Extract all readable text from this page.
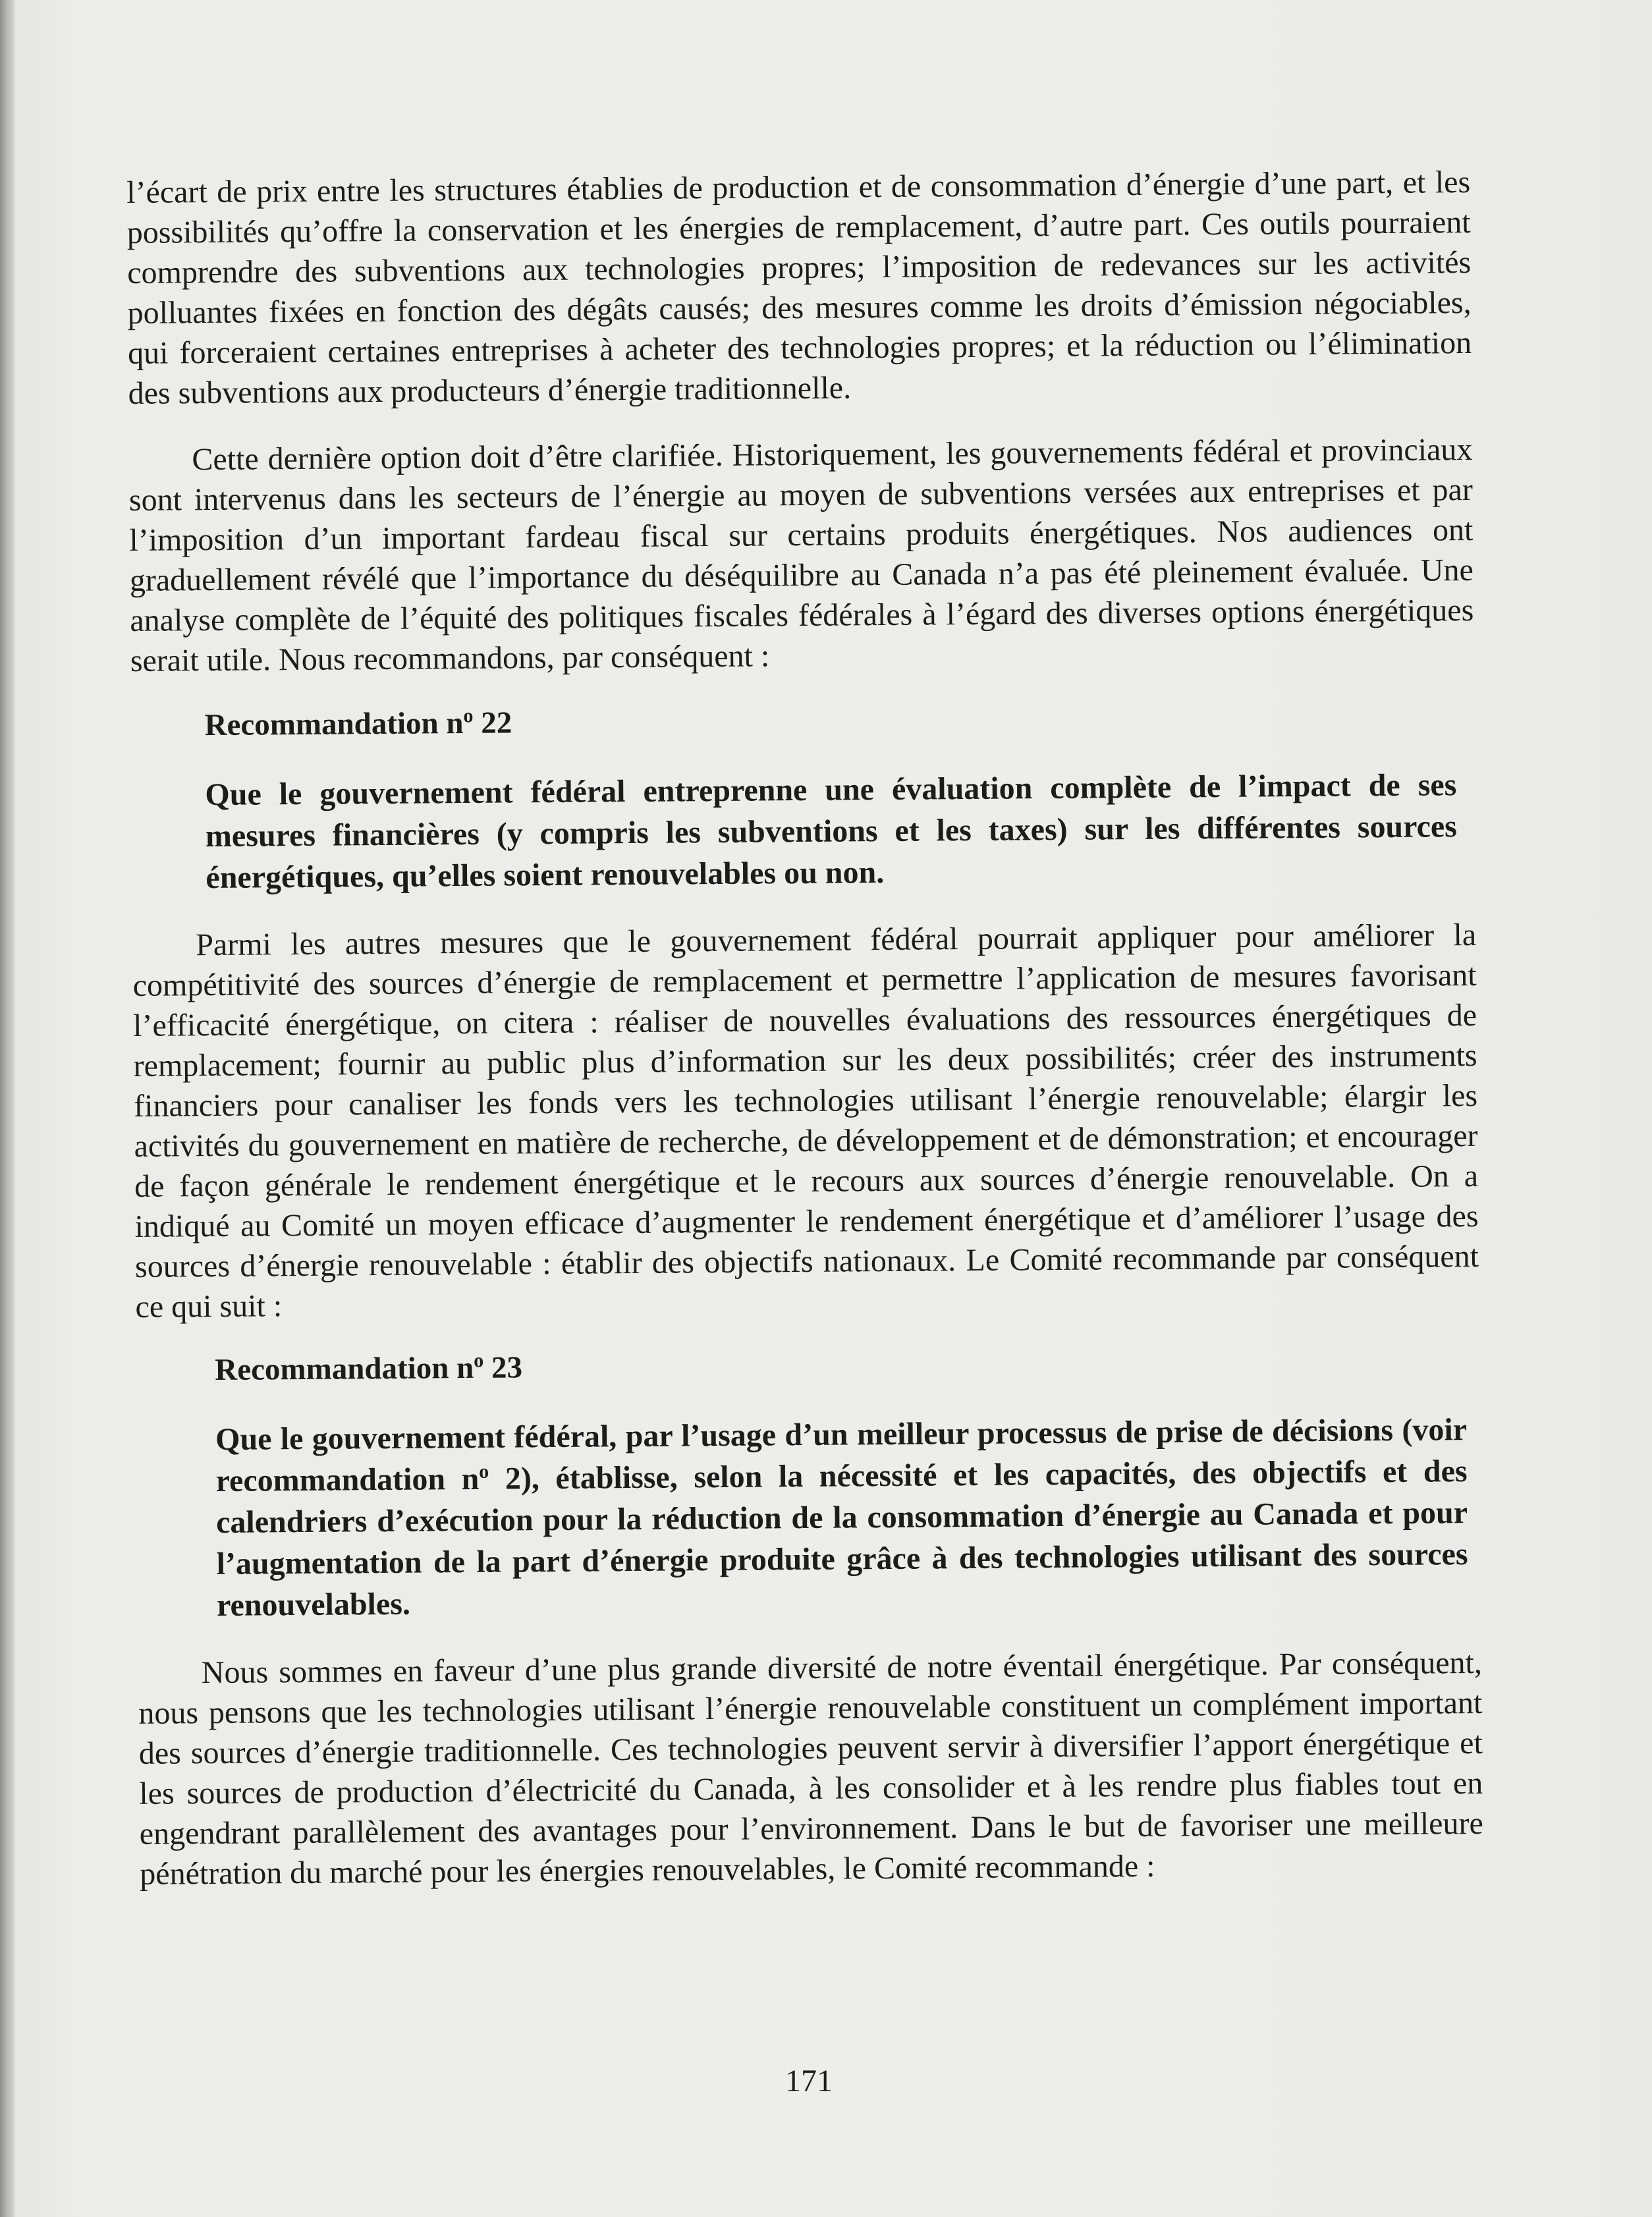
l’écart de prix entre les structures établies de production et de consommation d’énergie d’une part, et les possibilités qu’offre la conservation et les énergies de remplacement, d’autre part. Ces outils pourraient comprendre des subventions aux technologies propres; l’imposition de redevances sur les activités polluantes fixées en fonction des dégâts causés; des mesures comme les droits d’émission négociables, qui forceraient certaines entreprises à acheter des technologies propres; et la réduction ou l’élimination des subventions aux producteurs d’énergie traditionnelle.

Cette dernière option doit d’être clarifiée. Historiquement, les gouvernements fédéral et provinciaux sont intervenus dans les secteurs de l’énergie au moyen de subventions versées aux entreprises et par l’imposition d’un important fardeau fiscal sur certains produits énergétiques. Nos audiences ont graduellement révélé que l’importance du déséquilibre au Canada n’a pas été pleinement évaluée. Une analyse complète de l’équité des politiques fiscales fédérales à l’égard des diverses options énergétiques serait utile. Nous recommandons, par conséquent :

Recommandation $n^o$ 22

Que le gouvernement fédéral entreprenne une évaluation complète de l’impact de ses mesures financières (y compris les subventions et les taxes) sur les différentes sources énergétiques, qu’elles soient renouvelables ou non.

Parmi les autres mesures que le gouvernement fédéral pourrait appliquer pour améliorer la compétitivité des sources d’énergie de remplacement et permettre l’application de mesures favorisant l’efficacité énergétique, on citera : réaliser de nouvelles évaluations des ressources énergétiques de remplacement; fournir au public plus d’information sur les deux possibilités; créer des instruments financiers pour canaliser les fonds vers les technologies utilisant l’énergie renouvelable; élargir les activités du gouvernement en matière de recherche, de développement et de démonstration; et encourager de façon générale le rendement énergétique et le recours aux sources d’énergie renouvelable. On a indiqué au Comité un moyen efficace d’augmenter le rendement énergétique et d’améliorer l’usage des sources d’énergie renouvelable : établir des objectifs nationaux. Le Comité recommande par conséquent ce qui suit :

Recommandation $n^o$ 23

Que le gouvernement fédéral, par l’usage d’un meilleur processus de prise de décisions (voir recommandation $n^o$ 2), établisse, selon la nécessité et les capacités, des objectifs et des calendriers d’exécution pour la réduction de la consommation d’énergie au Canada et pour l’augmentation de la part d’énergie produite grâce à des technologies utilisant des sources renouvelables.

Nous sommes en faveur d’une plus grande diversité de notre éventail énergétique. Par conséquent, nous pensons que les technologies utilisant l’énergie renouvelable constituent un complément important des sources d’énergie traditionnelle. Ces technologies peuvent servir à diversifier l’apport énergétique et les sources de production d’électricité du Canada, à les consolider et à les rendre plus fiables tout en engendrant parallèlement des avantages pour l’environnement. Dans le but de favoriser une meilleure pénétration du marché pour les énergies renouvelables, le Comité recommande :

171
